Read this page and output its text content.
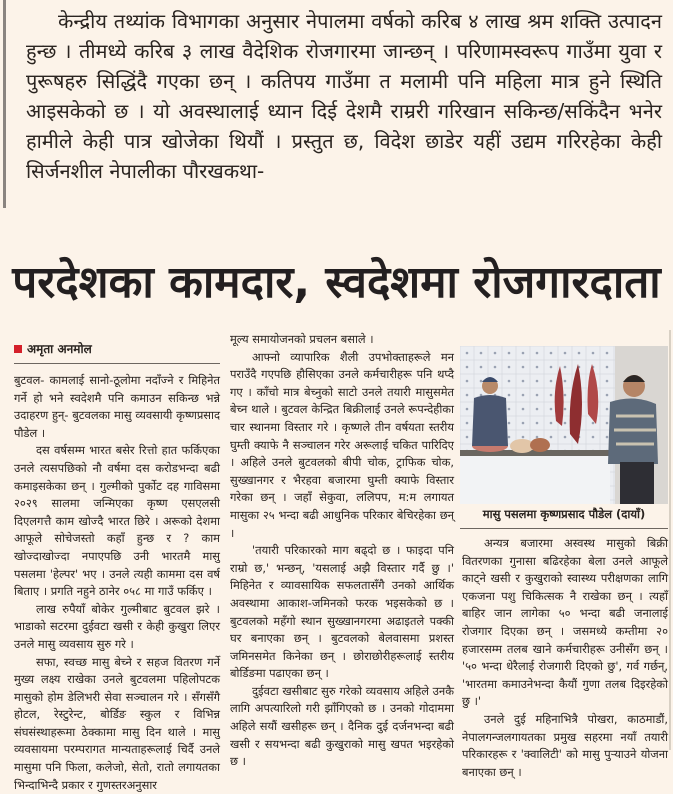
केन्द्रीय तथ्यांक विभागका अनुसार नेपालमा वर्षको करिब ४ लाख श्रम शक्ति उत्पादन हुन्छ । तीमध्ये करिब ३ लाख वैदेशिक रोजगारमा जान्छन् । परिणामस्वरूप गाउँमा युवा र पुरूषहरु सिद्धिंदै गएका छन् । कतिपय गाउँमा त मलामी पनि महिला मात्र हुने स्थिति आइसकेको छ । यो अवस्थालाई ध्यान दिई देशमै राम्ररी गरिखान सकिन्छ/सकिंदैन भनेर हामीले केही पात्र खोजेका थियौं । प्रस्तुत छ, विदेश छाडेर यहीं उद्यम गरिरहेका केही सिर्जनशील नेपालीका पौरखकथा-

परदेशका कामदार, स्वदेशमा रोजगारदाता
अमृता अनमोल

बुटवल- कामलाई सानो-ठूलोमा नदाँज्ने र मिहिनेत गर्ने हो भने स्वदेशमै पनि कमाउन सकिन्छ भन्ने उदाहरण हुन्- बुटवलका मासु व्यवसायी कृष्णप्रसाद पौडेल ।

दस वर्षसम्म भारत बसेर रित्तो हात फर्किएका उनले त्यसपछिको नौ वर्षमा दस करोडभन्दा बढी कमाइसकेका छन् । गुल्मीको पुर्कोट दह गाविसमा २०२९ सालमा जन्मिएका कृष्ण एसएलसी दिएलगत्तै काम खोज्दै भारत छिरे । अरूको देशमा आफूले सोचेजस्तो कहाँ हुन्छ र ? काम खोज्दाखोज्दा नपाएपछि उनी भारतमै मासु पसलमा 'हेल्पर' भए । उनले त्यही काममा दस वर्ष बिताए । प्रगति नहुने ठानेर ०५८ मा गाउँ फर्किए ।

लाख रुपैयाँ बोकेर गुल्मीबाट बुटवल झरे । भाडाको सटरमा दुईवटा खसी र केही कुखुरा लिएर उनले मासु व्यवसाय सुरु गरे ।

सफा, स्वच्छ मासु बेच्ने र सहज वितरण गर्ने मुख्य लक्ष्य राखेका उनले बुटवलमा पहिलोपटक मासुको होम डेलिभरी सेवा सञ्चालन गरे । सँगसँगै होटल, रेस्टुरेन्ट, बोर्डिङ स्कुल र विभिन्न संघसंस्थाहरूमा ठेक्कामा मासु दिन थाले । मासु व्यवसायमा परम्परागत मान्यताहरूलाई चिर्दै उनले मासुमा पनि फिला, कलेजो, सेतो, रातो लगायतका भिन्दाभिन्दै प्रकार र गुणस्तरअनुसार

मूल्य समायोजनको प्रचलन बसाले ।

आफ्नो व्यापारिक शैली उपभोक्ताहरूले मन पराउँदै गएपछि हौसिएका उनले कर्मचारीहरू पनि थप्दै गए । काँचो मात्र बेच्नुको साटो उनले तयारी मासुसमेत बेच्न थाले । बुटवल केन्द्रित बिक्रीलाई उनले रूपन्देहीका चार स्थानमा विस्तार गरे । कृष्णले तीन वर्षयता स्तरीय घुम्ती क्याफे नै सञ्चालन गरेर अरूलाई चकित पारिदिए । अहिले उनले बुटवलको बीपी चोक, ट्राफिक चोक, सुख्खानगर र भैरहवा बजारमा घुम्ती क्याफे विस्तार गरेका छन् । जहाँ सेकुवा, ललिपप, म:म लगायत मासुका २५ भन्दा बढी आधुनिक परिकार बेचिरहेका छन् ।

'तयारी परिकारको माग बढ्दो छ । फाइदा पनि राम्रो छ,' भन्छन्, 'यसलाई अझै विस्तार गर्दै छु ।' मिहिनेत र व्यावसायिक सफलतासँगै उनको आर्थिक अवस्थामा आकाश-जमिनको फरक भइसकेको छ । बुटवलको महँगो स्थान सुख्खानगरमा अढाइतले पक्की घर बनाएका छन् । बुटवलको बेलवासमा प्रशस्त जमिनसमेत किनेका छन् । छोराछोरीहरूलाई स्तरीय बोर्डिङमा पढाएका छन् ।

दुईवटा खसीबाट सुरु गरेको व्यवसाय अहिले उनकै लागि अपत्यारिलो गरी झाँगिएको छ । उनको गोदाममा अहिले सयौं खसीहरू छन् । दैनिक दुई दर्जनभन्दा बढी खसी र सयभन्दा बढी कुखुराको मासु खपत भइरहेको छ ।

मासु पसलमा कृष्णप्रसाद पौडेल (दायाँ)

अन्यत्र बजारमा अस्वस्थ मासुको बिक्री वितरणका गुनासा बढिरहेका बेला उनले आफूले काट्ने खसी र कुखुराको स्वास्थ्य परीक्षणका लागि एकजना पशु चिकित्सक नै राखेका छन् । त्यहाँ बाहिर जान लागेका ५० भन्दा बढी जनालाई रोजगार दिएका छन् । जसमध्ये कम्तीमा २० हजारसम्म तलब खाने कर्मचारीहरू उनीसँग छन् । '५० भन्दा धेरैलाई रोजगारी दिएको छु', गर्व गर्छन्, 'भारतमा कमाउनेभन्दा कैयौं गुणा तलब दिइरहेको छु ।'

उनले दुई महिनाभित्रै पोखरा, काठमाडौं, नेपालगन्जलगायतका प्रमुख सहरमा नयाँ तयारी परिकारहरू र 'क्वालिटी' को मासु पुर्‍याउने योजना बनाएका छन् ।
